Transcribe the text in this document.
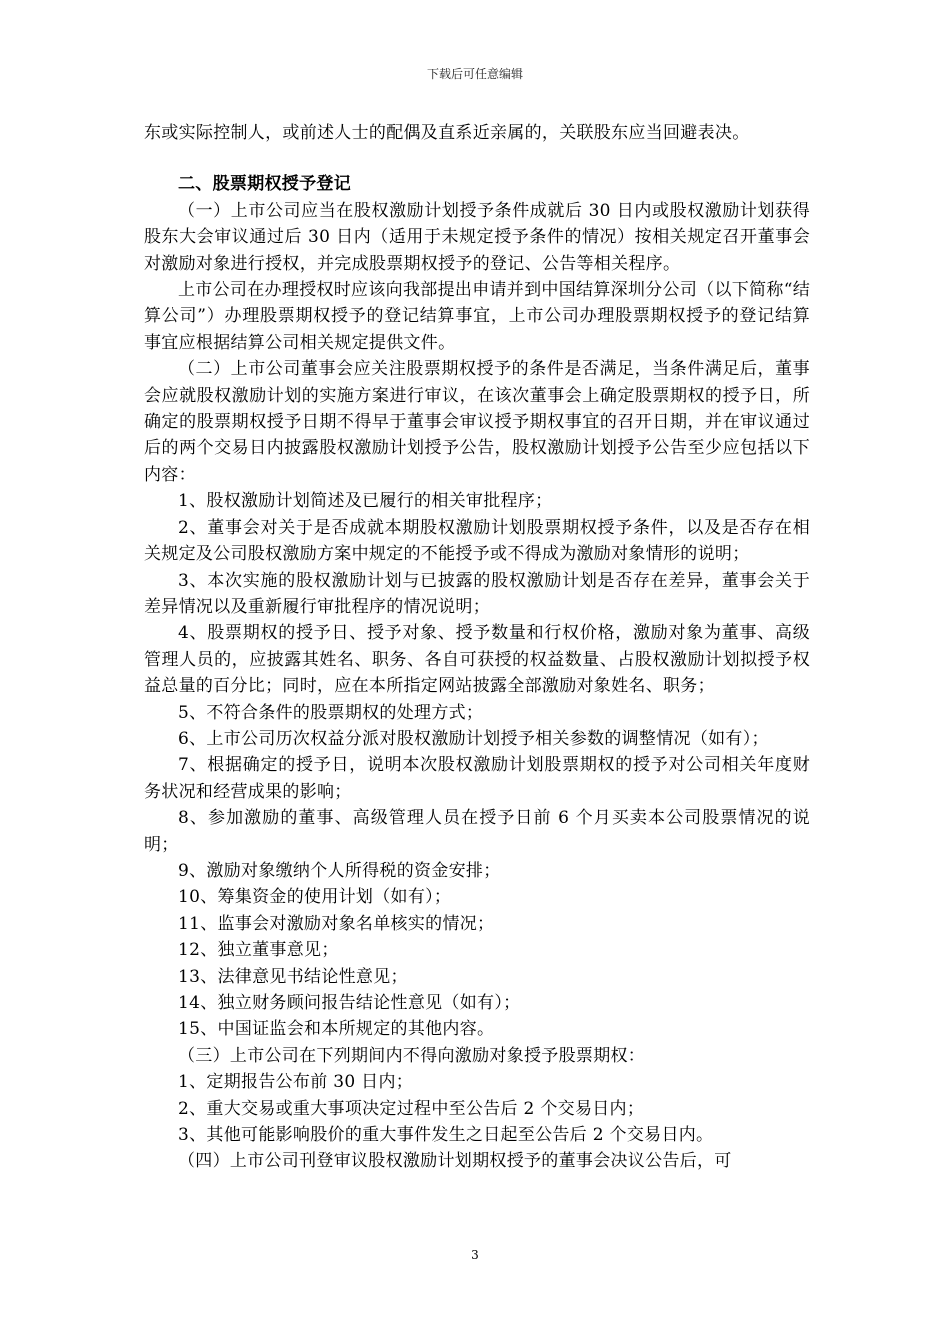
下载后可任意编辑

东或实际控制人，或前述人士的配偶及直系近亲属的，关联股东应当回避表决。

二、股票期权授予登记

（一）上市公司应当在股权激励计划授予条件成就后 30 日内或股权激励计划获得股东大会审议通过后 30 日内（适用于未规定授予条件的情况）按相关规定召开董事会对激励对象进行授权，并完成股票期权授予的登记、公告等相关程序。

上市公司在办理授权时应该向我部提出申请并到中国结算深圳分公司（以下简称“结算公司”）办理股票期权授予的登记结算事宜，上市公司办理股票期权授予的登记结算事宜应根据结算公司相关规定提供文件。

（二）上市公司董事会应关注股票期权授予的条件是否满足，当条件满足后，董事会应就股权激励计划的实施方案进行审议，在该次董事会上确定股票期权的授予日，所确定的股票期权授予日期不得早于董事会审议授予期权事宜的召开日期，并在审议通过后的两个交易日内披露股权激励计划授予公告，股权激励计划授予公告至少应包括以下内容：

1、股权激励计划简述及已履行的相关审批程序；

2、董事会对关于是否成就本期股权激励计划股票期权授予条件，以及是否存在相关规定及公司股权激励方案中规定的不能授予或不得成为激励对象情形的说明；

3、本次实施的股权激励计划与已披露的股权激励计划是否存在差异，董事会关于差异情况以及重新履行审批程序的情况说明；

4、股票期权的授予日、授予对象、授予数量和行权价格，激励对象为董事、高级管理人员的，应披露其姓名、职务、各自可获授的权益数量、占股权激励计划拟授予权益总量的百分比；同时，应在本所指定网站披露全部激励对象姓名、职务；

5、不符合条件的股票期权的处理方式；

6、上市公司历次权益分派对股权激励计划授予相关参数的调整情况（如有）；

7、根据确定的授予日，说明本次股权激励计划股票期权的授予对公司相关年度财务状况和经营成果的影响；

8、参加激励的董事、高级管理人员在授予日前 6 个月买卖本公司股票情况的说明；

9、激励对象缴纳个人所得税的资金安排；

10、筹集资金的使用计划（如有）；

11、监事会对激励对象名单核实的情况；

12、独立董事意见；

13、法律意见书结论性意见；

14、独立财务顾问报告结论性意见（如有）；

15、中国证监会和本所规定的其他内容。

（三）上市公司在下列期间内不得向激励对象授予股票期权：

1、定期报告公布前 30 日内；

2、重大交易或重大事项决定过程中至公告后 2 个交易日内；

3、其他可能影响股价的重大事件发生之日起至公告后 2 个交易日内。

（四）上市公司刊登审议股权激励计划期权授予的董事会决议公告后，可

3
